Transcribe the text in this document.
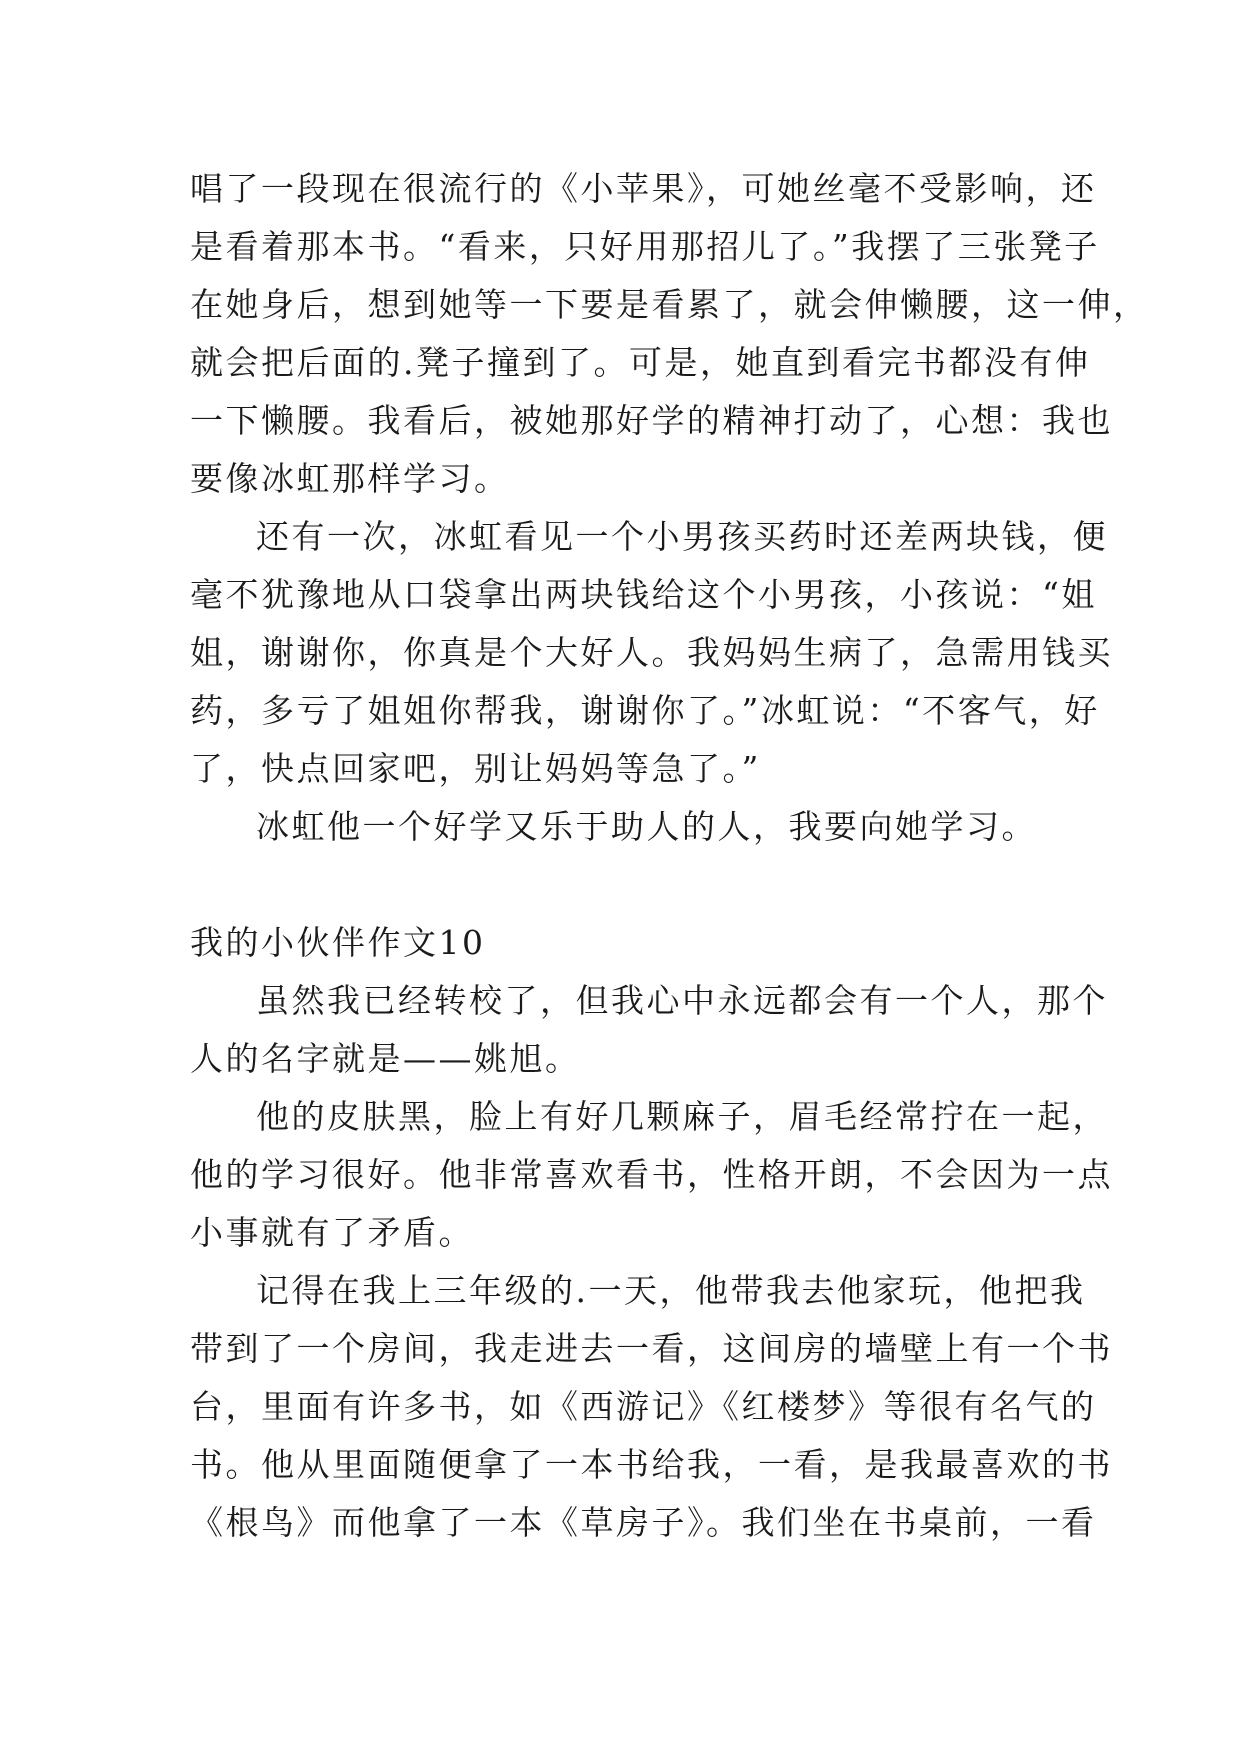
唱了一段现在很流行的《小苹果》，可她丝毫不受影响，还
是看着那本书。“看来，只好用那招儿了。”我摆了三张凳子
在她身后，想到她等一下要是看累了，就会伸懒腰，这一伸，
就会把后面的.凳子撞到了。可是，她直到看完书都没有伸
一下懒腰。我看后，被她那好学的精神打动了，心想：我也
要像冰虹那样学习。
还有一次，冰虹看见一个小男孩买药时还差两块钱，便
毫不犹豫地从口袋拿出两块钱给这个小男孩，小孩说：“姐
姐，谢谢你，你真是个大好人。我妈妈生病了，急需用钱买
药，多亏了姐姐你帮我，谢谢你了。”冰虹说：“不客气，好
了，快点回家吧，别让妈妈等急了。”
冰虹他一个好学又乐于助人的人，我要向她学习。
我的小伙伴作文10
虽然我已经转校了，但我心中永远都会有一个人，那个
人的名字就是——姚旭。
他的皮肤黑，脸上有好几颗麻子，眉毛经常拧在一起，
他的学习很好。他非常喜欢看书，性格开朗，不会因为一点
小事就有了矛盾。
记得在我上三年级的.一天，他带我去他家玩，他把我
带到了一个房间，我走进去一看，这间房的墙壁上有一个书
台，里面有许多书，如《西游记》《红楼梦》等很有名气的
书。他从里面随便拿了一本书给我，一看，是我最喜欢的书
《根鸟》而他拿了一本《草房子》。我们坐在书桌前，一看
